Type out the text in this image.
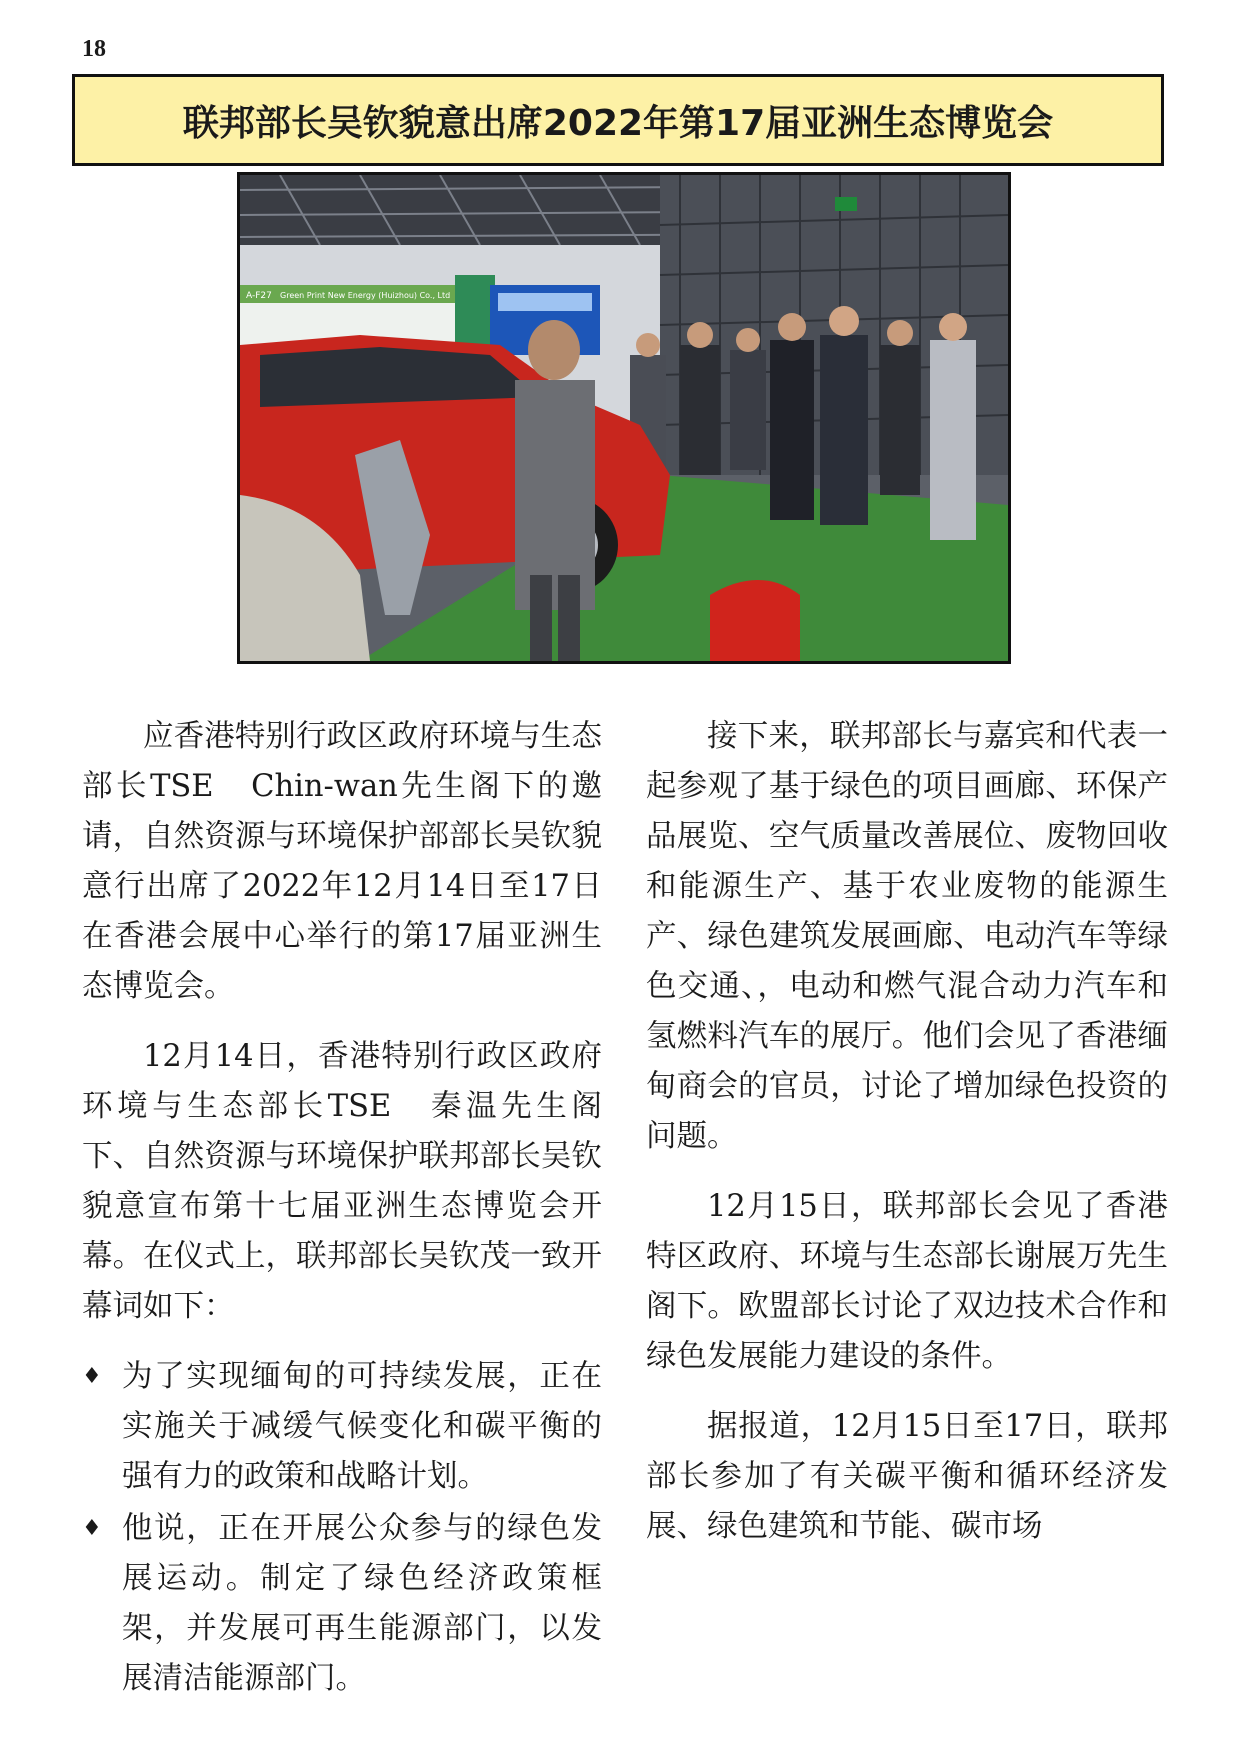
18
联邦部长吴钦貌意出席2022年第17届亚洲生态博览会
A-F27 Green Print New Energy (Huizhou) Co., Ltd

应香港特别行政区政府环境与生态部长TSE　Chin-wan先生阁下的邀请，自然资源与环境保护部部长吴钦貌意行出席了2022年12月14日至17日在香港会展中心举行的第17届亚洲生态博览会。

12月14日，香港特别行政区政府环境与生态部长TSE　秦温先生阁下、自然资源与环境保护联邦部长吴钦貌意宣布第十七届亚洲生态博览会开幕。在仪式上，联邦部长吴钦茂一致开幕词如下：

♦ 为了实现缅甸的可持续发展，正在实施关于减缓气候变化和碳平衡的强有力的政策和战略计划。
♦ 他说，正在开展公众参与的绿色发展运动。制定了绿色经济政策框架，并发展可再生能源部门，以发展清洁能源部门。

接下来，联邦部长与嘉宾和代表一起参观了基于绿色的项目画廊、环保产品展览、空气质量改善展位、废物回收和能源生产、基于农业废物的能源生产、绿色建筑发展画廊、电动汽车等绿色交通、，电动和燃气混合动力汽车和氢燃料汽车的展厅。他们会见了香港缅甸商会的官员，讨论了增加绿色投资的问题。

12月15日，联邦部长会见了香港特区政府、环境与生态部长谢展万先生阁下。欧盟部长讨论了双边技术合作和绿色发展能力建设的条件。

据报道，12月15日至17日，联邦部长参加了有关碳平衡和循环经济发展、绿色建筑和节能、碳市场
